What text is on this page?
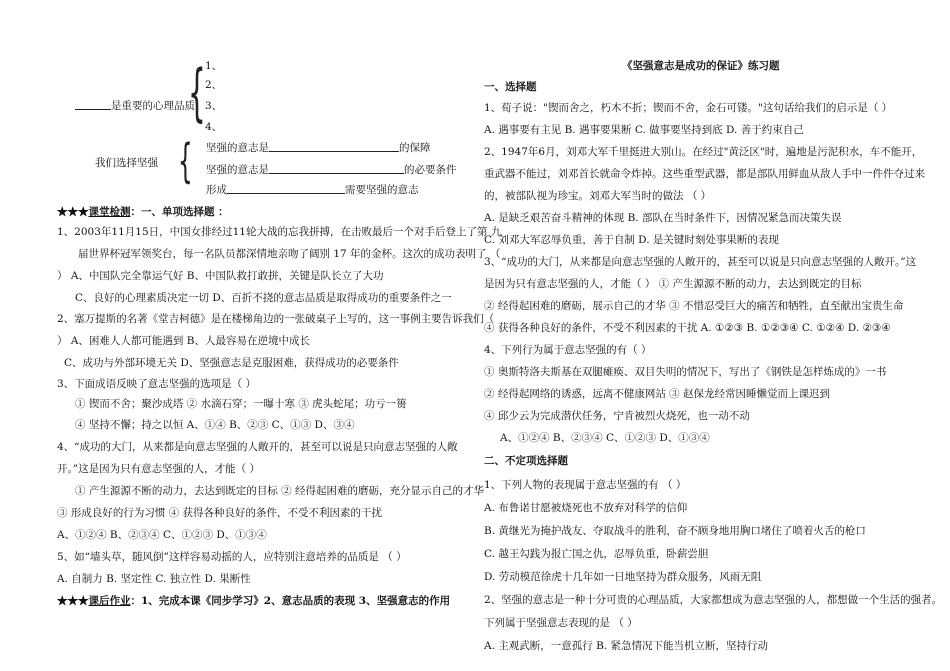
{ 1、
2、
3、
4、
是重要的心理品质
{
我们选择坚强
坚强的意志是	的保障
坚强的意志是	的必要条件
形成	需要坚强的意志
★★★课堂检测：一、单项选择题 ：
1、2003年11月15日，中国女排经过11轮大战的忘我拼搏，在击败最后一个对手后登上了第 九
届世界杯冠军领奖台，每一名队员都深情地亲吻了阔别 17 年的金杯。这次的成功表明了 （
） A、中国队完全靠运气好 B、中国队救打敢拼，关键是队长立了大功
C、良好的心理素质决定一切 D、百折不挠的意志品质是取得成功的重要条件之一
2、塞万提斯的名著《堂吉柯德》是在楼梯角边的一张破桌子上写的，这一事例主要告诉我们（
） A、困难人人都可能遇到 B、人最容易在逆境中成长
C、成功与外部环境无关 D、坚强意志是克服困难，获得成功的必要条件
3、下面成语反映了意志坚强的选项是（ ）
① 锲而不舍；聚沙成塔 ② 水滴石穿；一曝十寒 ③ 虎头蛇尾；功亏一篑
④ 坚持不懈；持之以恒 A、①④ B、②③ C、①③ D、③④
4、“成功的大门，从来都是向意志坚强的人敞开的，甚至可以说是只向意志坚强的人敞
开。”这是因为只有意志坚强的人，才能（ ）
① 产生源源不断的动力，去达到既定的目标 ② 经得起困难的磨砺，充分显示自己的才华
③ 形成良好的行为习惯 ④ 获得各种良好的条件，不受不利因素的干扰
A、①②④ B、②③④ C、①②③ D、①③④
5、如“墙头草，随风倒”这样容易动摇的人，应特别注意培养的品质是 （ ）
A. 自制力 B. 坚定性 C. 独立性 D. 果断性
★★★课后作业：1、完成本课《同步学习》2、意志品质的表现 3、坚强意志的作用
《坚强意志是成功的保证》练习题
一、选择题
1、荀子说："锲而舍之，朽木不折；锲而不舍，金石可镂。"这句话给我们的启示是（ ）
A. 遇事要有主见 B. 遇事要果断 C. 做事要坚持到底 D. 善于约束自己
2、1947年6月，刘邓大军千里挺进大别山。在经过"黄泛区"时，遍地是污泥积水，车不能开，
重武器不能过，刘邓首长就命令炸掉。这些重型武器，都是部队用鲜血从敌人手中一件件夺过来
的，被部队视为珍宝。刘邓大军当时的做法 （ ）
A. 是缺乏艰苦奋斗精神的体现 B. 部队在当时条件下，因情况紧急而决策失误
C. 刘邓大军忍辱负重，善于自制 D. 是关键时刻处事果断的表现
3、“成功的大门，从来都是向意志坚强的人敞开的，甚至可以说是只向意志坚强的人敞开。”这
是因为只有意志坚强的人，才能（ ） ① 产生源源不断的动力，去达到既定的目标
② 经得起困难的磨砺，展示自己的才华 ③ 不惜忍受巨大的痛苦和牺牲，直至献出宝贵生命
④ 获得各种良好的条件，不受不利因素的干扰 A. ①②③ B. ①②③④ C. ①②④ D. ②③④
4、下列行为属于意志坚强的有（ ）
① 奥斯特洛夫斯基在双腿瘫痪、双目失明的情况下，写出了《钢铁是怎样炼成的》一书
② 经得起网络的诱惑，远离不健康网站 ③ 赵保龙经常因睡懒觉而上课迟到
④ 邱少云为完成潜伏任务，宁肯被烈火烧死，也一动不动
A、①②④ B、②③④ C、①②③ D、①③④
二、不定项选择题
1、下列人物的表现属于意志坚强的有 （ ）
A. 布鲁诺甘愿被烧死也不放弃对科学的信仰
B. 黄继光为掩护战友、夺取战斗的胜利，奋不顾身地用胸口堵住了喷着火舌的枪口
C. 越王勾践为报亡国之仇，忍辱负重，卧薪尝胆
D. 劳动模范徐虎十几年如一日地坚持为群众服务，风雨无阻
2、坚强的意志是一种十分可贵的心理品质，大家都想成为意志坚强的人，都想做一个生活的强者。
下列属于坚强意志表现的是 （ ）
A. 主观武断，一意孤行 B. 紧急情况下能当机立断，坚持行动
